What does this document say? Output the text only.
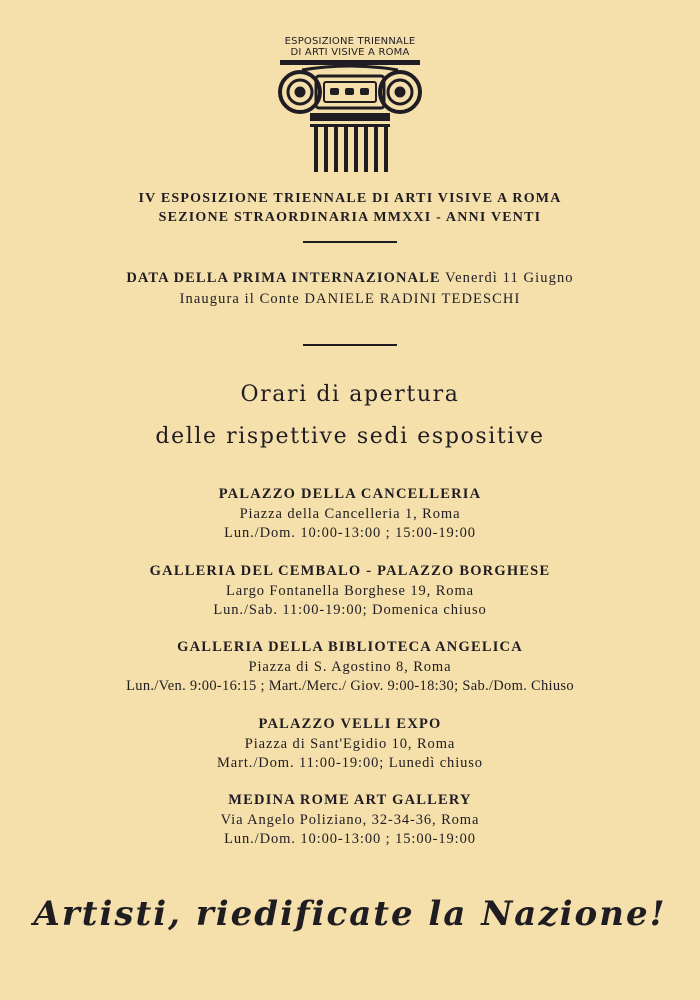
ESPOSIZIONE TRIENNALE
DI ARTI VISIVE A ROMA
IV ESPOSIZIONE TRIENNALE DI ARTI VISIVE A ROMA
SEZIONE STRAORDINARIA MMXXI - ANNI VENTI
DATA DELLA PRIMA INTERNAZIONALE Venerdì 11 Giugno
Inaugura il Conte DANIELE RADINI TEDESCHI
Orari di apertura
delle rispettive sedi espositive
PALAZZO DELLA CANCELLERIA
Piazza della Cancelleria 1, Roma
Lun./Dom. 10:00-13:00 ; 15:00-19:00
GALLERIA DEL CEMBALO - PALAZZO BORGHESE
Largo Fontanella Borghese 19, Roma
Lun./Sab. 11:00-19:00; Domenica chiuso
GALLERIA DELLA BIBLIOTECA ANGELICA
Piazza di S. Agostino 8, Roma
Lun./Ven. 9:00-16:15 ; Mart./Merc./ Giov. 9:00-18:30; Sab./Dom. Chiuso
PALAZZO VELLI EXPO
Piazza di Sant'Egidio 10, Roma
Mart./Dom. 11:00-19:00; Lunedì chiuso
MEDINA ROME ART GALLERY
Via Angelo Poliziano, 32-34-36, Roma
Lun./Dom. 10:00-13:00 ; 15:00-19:00
Artisti, riedificate la Nazione!
